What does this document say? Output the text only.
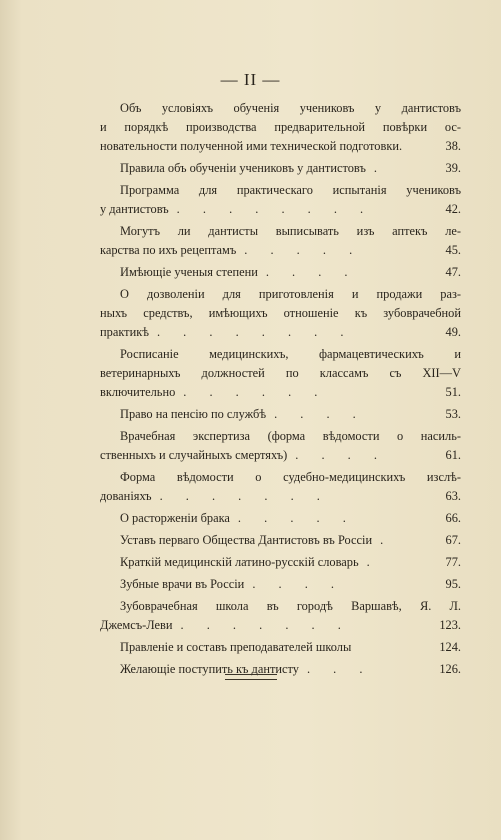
— II —
Объ условіяхъ обученія учениковъ у дантистовъ
и порядкѣ производства предварительной повѣрки ос-
новательности полученной ими технической подготовки.	38.
Правила объ обученіи учениковъ у дантистовъ .	39.
Программа для практическаго испытанія учениковъ
у дантистовъ . . . . . . . .	42.
Могутъ ли дантисты выписывать изъ аптекъ ле-
карства по ихъ рецептамъ . . . . .	45.
Имѣющіе ученыя степени . . . .	47.
О дозволеніи для приготовленія и продажи раз-
ныхъ средствъ, имѣющихъ отношеніе къ зубоврачебной
практикѣ . . . . . . . .	49.
Росписаніе медицинскихъ, фармацевтическихъ и
ветеринарныхъ должностей по классамъ съ XII—V
включительно . . . . . .	51.
Право на пенсію по службѣ . . . .	53.
Врачебная экспертиза (форма вѣдомости о насиль-
ственныхъ и случайныхъ смертяхъ) . . . .	61.
Форма вѣдомости о судебно-медицинскихъ изслѣ-
дованіяхъ . . . . . . .	63.
О расторженіи брака . . . . .	66.
Уставъ перваго Общества Дантистовъ въ Россіи .	67.
Краткій медицинскій латино-русскій словарь .	77.
Зубные врачи въ Россіи . . . .	95.
Зубоврачебная школа въ городѣ Варшавѣ, Я. Л.
Джемсъ-Леви . . . . . . .	123.
Правленіе и составъ преподавателей школы	124.
Желающіе поступить къ дантисту . . .	126.
